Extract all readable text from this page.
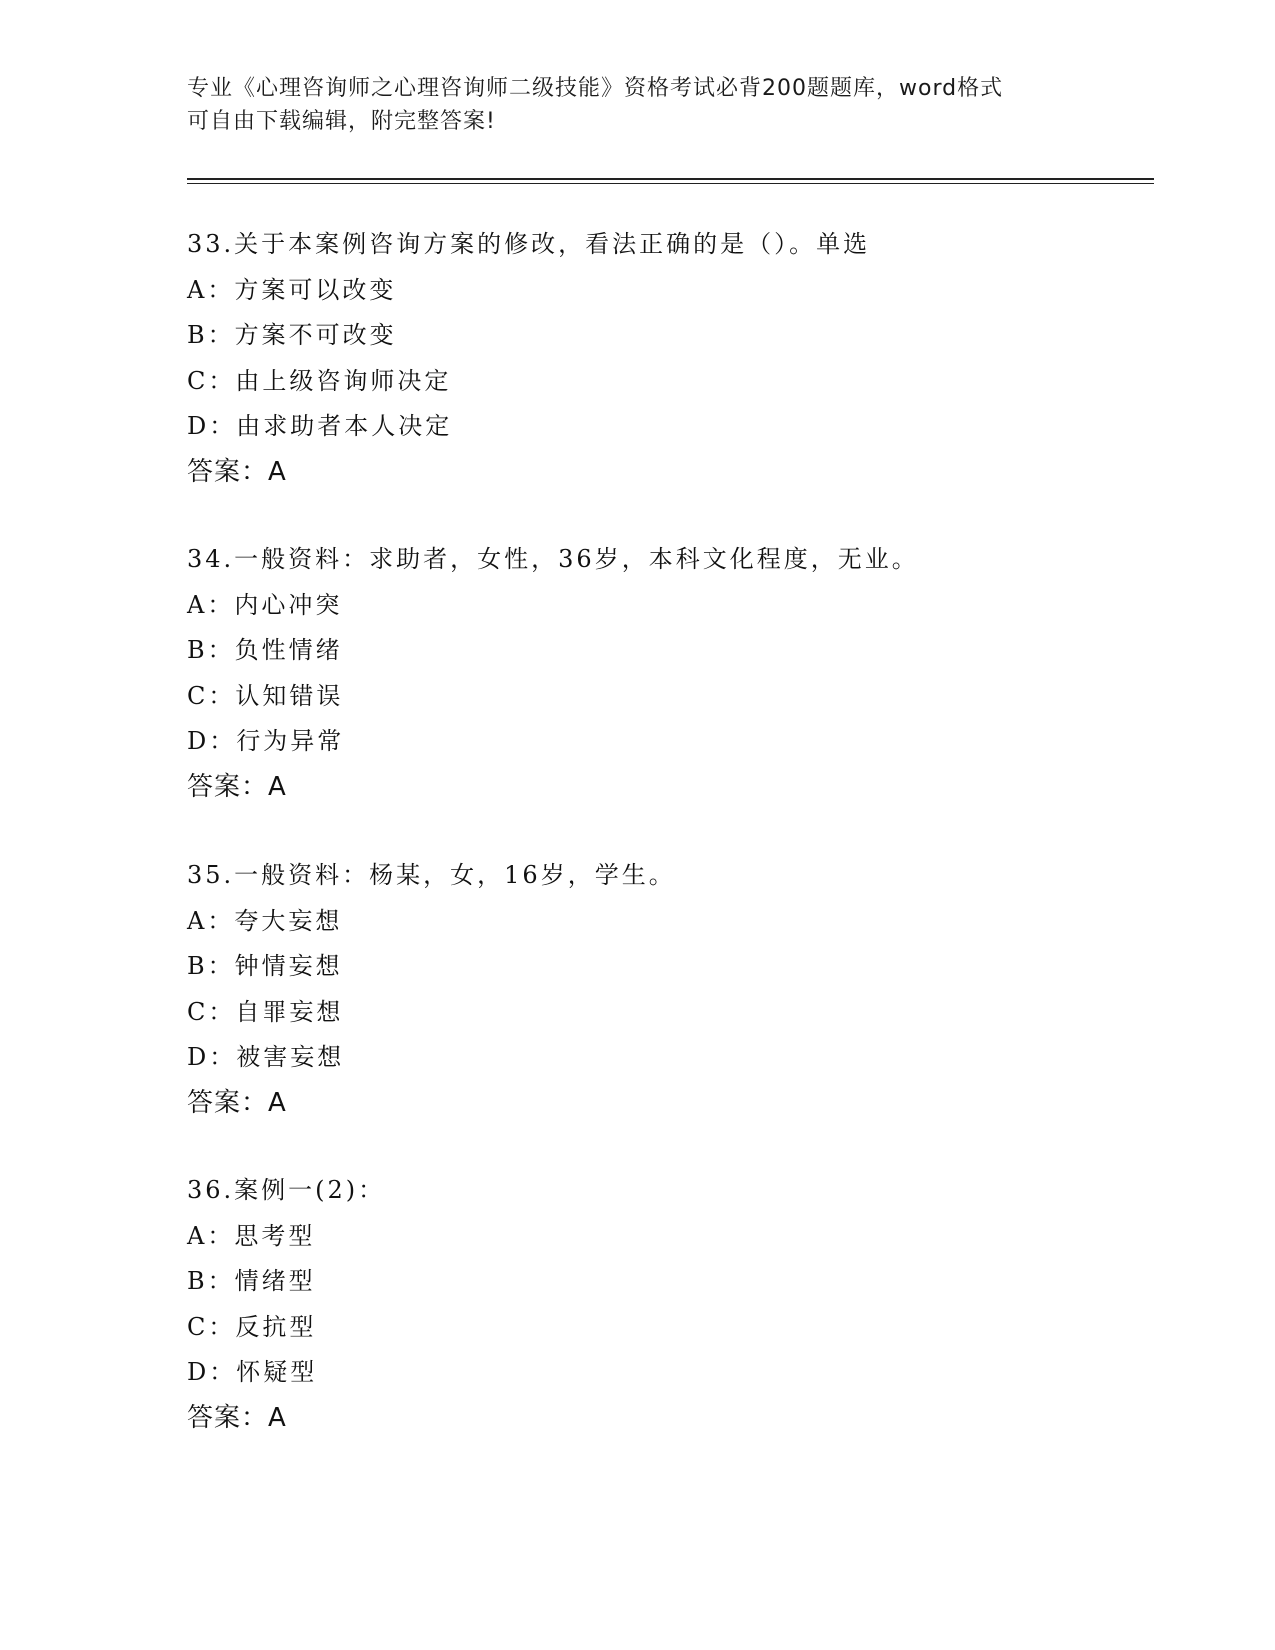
专业《心理咨询师之心理咨询师二级技能》资格考试必背200题题库，word格式
可自由下载编辑，附完整答案!
33.关于本案例咨询方案的修改，看法正确的是（）。单选
A：方案可以改变
B：方案不可改变
C：由上级咨询师决定
D：由求助者本人决定
答案：A
34.一般资料：求助者，女性，36岁，本科文化程度，无业。
A：内心冲突
B：负性情绪
C：认知错误
D：行为异常
答案：A
35.一般资料：杨某，女，16岁，学生。
A：夸大妄想
B：钟情妄想
C：自罪妄想
D：被害妄想
答案：A
36.案例一(2)：
A：思考型
B：情绪型
C：反抗型
D：怀疑型
答案：A
